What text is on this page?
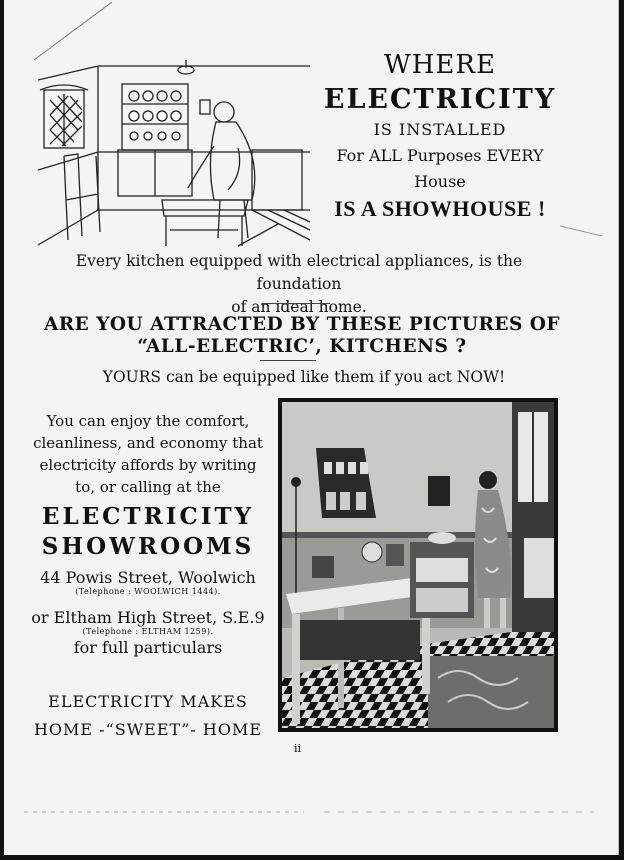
WHERE
ELECTRICITY
IS INSTALLED
For ALL Purposes EVERY
House
IS A SHOWHOUSE !
Every kitchen equipped with electrical appliances, is the foundation
of an ideal home.
ARE YOU ATTRACTED BY THESE PICTURES OF
“ALL-ELECTRIC’, KITCHENS ?
YOURS can be equipped like them if you act NOW!
You can enjoy the comfort,
cleanliness, and economy that
electricity affords by writing
to, or calling at the
ELECTRICITY
SHOWROOMS
44 Powis Street, Woolwich
(Telephone : WOOLWICH 1444).
or Eltham High Street, S.E.9
(Telephone : ELTHAM 1259).
for full particulars
ELECTRICITY MAKES
HOME -“SWEET”- HOME
ii
